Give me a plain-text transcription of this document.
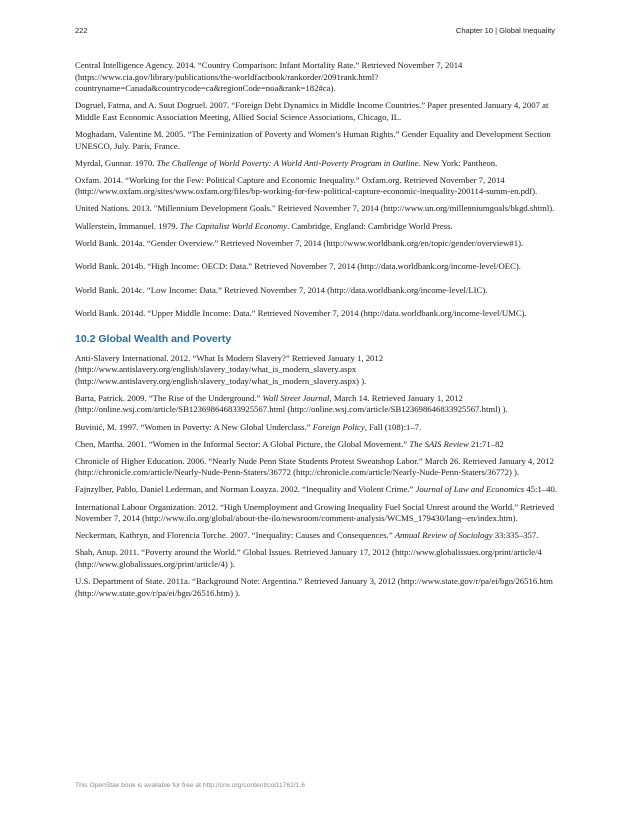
222	Chapter 10 | Global Inequality

Central Intelligence Agency. 2014. “Country Comparison: Infant Mortality Rate.” Retrieved November 7, 2014 (https://www.cia.gov/library/publications/the-worldfactbook/rankorder/2091rank.html?countryname=Canada&countrycode=ca&regionCode=noa&rank=182#ca).

Dogruel, Fatma, and A. Suut Dogruel. 2007. “Foreign Debt Dynamics in Middle Income Countries.” Paper presented January 4, 2007 at Middle East Economic Association Meeting, Allied Social Science Associations, Chicago, IL.

Moghadam, Valentine M. 2005. “The Feminization of Poverty and Women’s Human Rights.” Gender Equality and Development Section UNESCO, July. Paris, France.

Myrdal, Gunnar. 1970. The Challenge of World Poverty: A World Anti-Poverty Program in Outline. New York: Pantheon.

Oxfam. 2014. “Working for the Few: Political Capture and Economic Inequality.” Oxfam.org. Retrieved November 7, 2014 (http://www.oxfam.org/sites/www.oxfam.org/files/bp-working-for-few-political-capture-economic-inequality-200114-summ-en.pdf).

United Nations. 2013. "Millennium Development Goals." Retrieved November 7, 2014 (http://www.un.org/millenniumgoals/bkgd.shtml).

Wallerstein, Immanuel. 1979. The Capitalist World Economy. Cambridge, England: Cambridge World Press.

World Bank. 2014a. “Gender Overview.” Retrieved November 7, 2014 (http://www.worldbank.org/en/topic/gender/overview#1).

World Bank. 2014b. “High Income: OECD: Data.” Retrieved November 7, 2014 (http://data.worldbank.org/income-level/OEC).

World Bank. 2014c. “Low Income: Data.” Retrieved November 7, 2014 (http://data.worldbank.org/income-level/LIC).

World Bank. 2014d. “Upper Middle Income: Data.” Retrieved November 7, 2014 (http://data.worldbank.org/income-level/UMC).

10.2 Global Wealth and Poverty

Anti-Slavery International. 2012. “What Is Modern Slavery?” Retrieved January 1, 2012 (http://www.antislavery.org/english/slavery_today/what_is_modern_slavery.aspx (http://www.antislavery.org/english/slavery_today/what_is_modern_slavery.aspx) ).

Barta, Patrick. 2009. “The Rise of the Underground.” Wall Street Journal, March 14. Retrieved January 1, 2012 (http://online.wsj.com/article/SB123698646833925567.html (http://online.wsj.com/article/SB123698646833925567.html) ).

Buvinić, M. 1997. “Women in Poverty: A New Global Underclass.” Foreign Policy, Fall (108):1–7.

Chen, Martha. 2001. “Women in the Informal Sector: A Global Picture, the Global Movement.” The SAIS Review 21:71–82

Chronicle of Higher Education. 2006. “Nearly Nude Penn State Students Protest Sweatshop Labor.” March 26. Retrieved January 4, 2012 (http://chronicle.com/article/Nearly-Nude-Penn-Staters/36772 (http://chronicle.com/article/Nearly-Nude-Penn-Staters/36772) ).

Fajnzylber, Pablo, Daniel Lederman, and Norman Loayza. 2002. “Inequality and Violent Crime.” Journal of Law and Economics 45:1–40.

International Labour Organization. 2012. “High Unemployment and Growing Inequality Fuel Social Unrest around the World.” Retrieved November 7, 2014 (http://www.ilo.org/global/about-the-ilo/newsroom/comment-analysis/WCMS_179430/lang--en/index.htm).

Neckerman, Kathryn, and Florencia Torche. 2007. “Inequality: Causes and Consequences.” Annual Review of Sociology 33:335–357.

Shah, Anup. 2011. “Poverty around the World.” Global Issues. Retrieved January 17, 2012 (http://www.globalissues.org/print/article/4 (http://www.globalissues.org/print/article/4) ).

U.S. Department of State. 2011a. “Background Note: Argentina.” Retrieved January 3, 2012 (http://www.state.gov/r/pa/ei/bgn/26516.htm (http://www.state.gov/r/pa/ei/bgn/26516.htm) ).

This OpenStax book is available for free at http://cnx.org/content/col11762/1.6
